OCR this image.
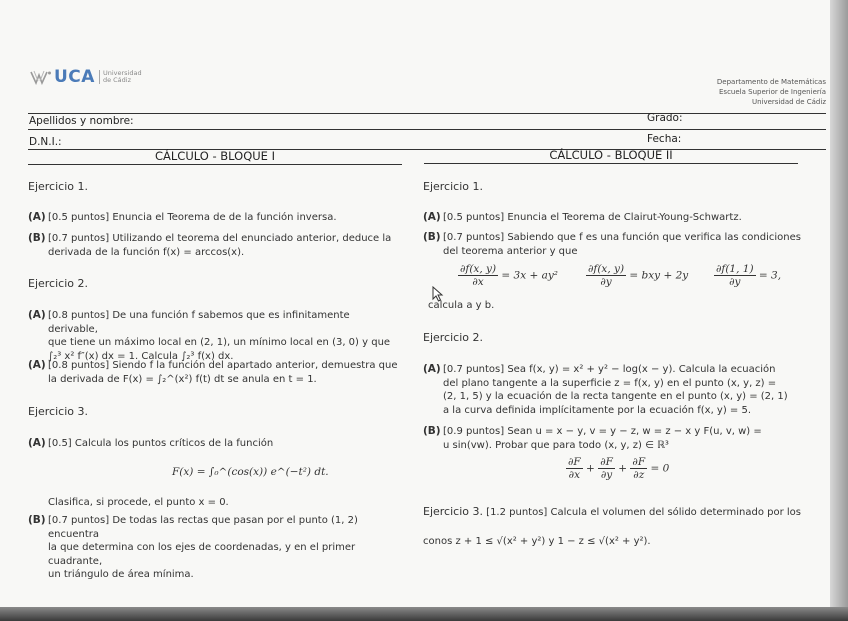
UCA	Universidad
de Cádiz	Departamento de Matemáticas
Escuela Superior de Ingeniería
Universidad de Cádiz
Apellidos y nombre:	Grado:
D.N.I.:	Fecha:
CÁLCULO - BLOQUE I	CÁLCULO - BLOQUE II
Ejercicio 1.
(A) [0.5 puntos] Enuncia el Teorema de de la función inversa.
(B) [0.7 puntos] Utilizando el teorema del enunciado anterior, deduce la
derivada de la función f(x) = arccos(x).
Ejercicio 2.
(A) [0.8 puntos] De una función f sabemos que es infinitamente derivable,
que tiene un máximo local en (2, 1), un mínimo local en (3, 0) y que
∫₂³ x² f″(x) dx = 1. Calcula ∫₂³ f(x) dx.
(A) [0.8 puntos] Siendo f la función del apartado anterior, demuestra que
la derivada de F(x) = ∫₂^(x²) f(t) dt se anula en t = 1.
Ejercicio 3.
(A) [0.5] Calcula los puntos críticos de la función
F(x) = ∫₀^(cos(x)) e^(−t²) dt.
Clasifica, si procede, el punto x = 0.
(B) [0.7 puntos] De todas las rectas que pasan por el punto (1, 2) encuentra
la que determina con los ejes de coordenadas, y en el primer cuadrante,
un triángulo de área mínima.
Ejercicio 1.
(A) [0.5 puntos] Enuncia el Teorema de Clairut-Young-Schwartz.
(B) [0.7 puntos] Sabiendo que f es una función que verifica las condiciones
del teorema anterior y que
$\frac{\partial f(x, y)}{\partial x} = 3x + ay^2$	$\frac{\partial f(x, y)}{\partial y}$ = bxy + $2y \frac{\partial f(1, 1)}{\partial y} = 3$,
calcula a y b.
Ejercicio 2.
(A) [0.7 puntos] Sea f(x, y) = x² + y² − log(x − y). Calcula la ecuación
del plano tangente a la superficie z = f(x, y) en el punto (x, y, z) =
(2, 1, 5) y la ecuación de la recta tangente en el punto (x, y) = (2, 1)
a la curva definida implícitamente por la ecuación f(x, y) = 5.
(B) [0.9 puntos] Sean u = x − y, v = y − z, w = z − x y F(u, v, w) =
u sin(vw). Probar que para todo (x, y, z) ∈ ℝ³
$\frac{\partial F}{\partial x} + \frac{\partial F}{\partial y} + \frac{\partial F}{\partial z} = 0$
Ejercicio 3. [1.2 puntos] Calcula el volumen del sólido determinado por los
conos z + 1 ≤ √(x² + y²) y 1 − z ≤ √(x² + y²).
